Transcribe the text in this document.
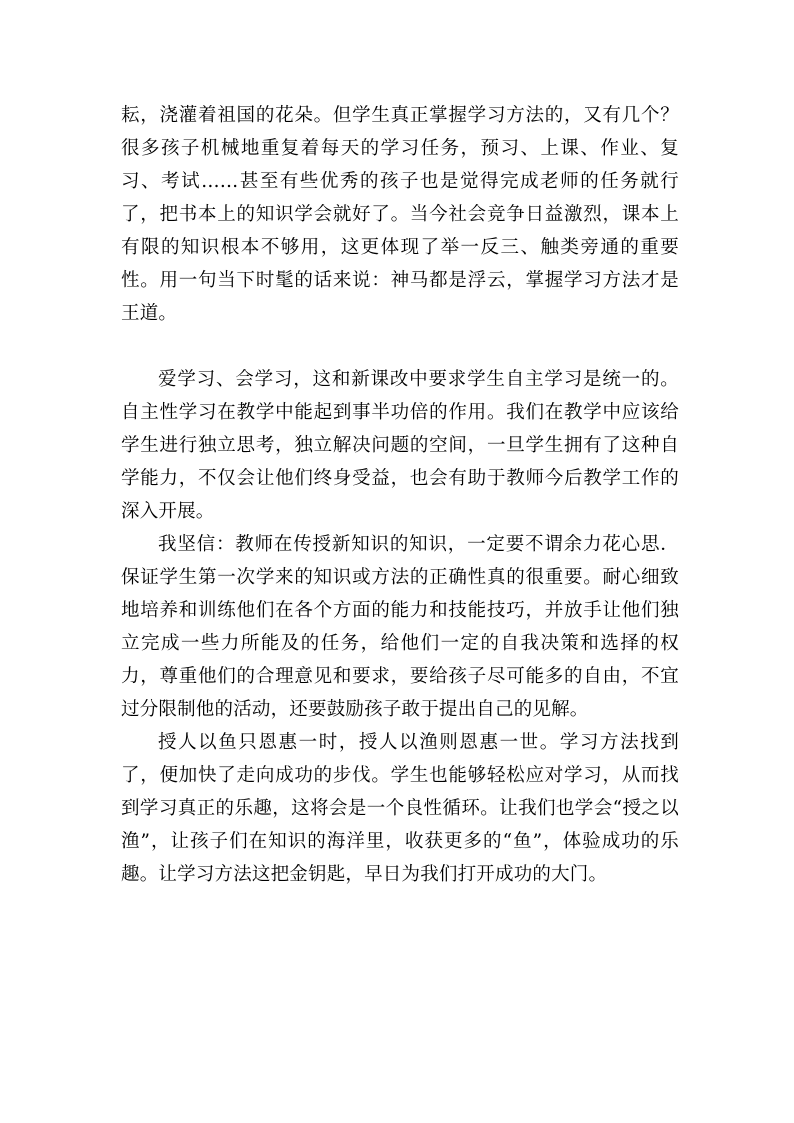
耘，浇灌着祖国的花朵。但学生真正掌握学习方法的，又有几个？很多孩子机械地重复着每天的学习任务，预习、上课、作业、复习、考试……甚至有些优秀的孩子也是觉得完成老师的任务就行了，把书本上的知识学会就好了。当今社会竞争日益激烈，课本上有限的知识根本不够用，这更体现了举一反三、触类旁通的重要性。用一句当下时髦的话来说：神马都是浮云，掌握学习方法才是王道。

爱学习、会学习，这和新课改中要求学生自主学习是统一的。自主性学习在教学中能起到事半功倍的作用。我们在教学中应该给学生进行独立思考，独立解决问题的空间，一旦学生拥有了这种自学能力，不仅会让他们终身受益，也会有助于教师今后教学工作的深入开展。

我坚信：教师在传授新知识的知识，一定要不谓余力花心思．保证学生第一次学来的知识或方法的正确性真的很重要。耐心细致地培养和训练他们在各个方面的能力和技能技巧，并放手让他们独立完成一些力所能及的任务，给他们一定的自我决策和选择的权力，尊重他们的合理意见和要求，要给孩子尽可能多的自由，不宜过分限制他的活动，还要鼓励孩子敢于提出自己的见解。

授人以鱼只恩惠一时，授人以渔则恩惠一世。学习方法找到了，便加快了走向成功的步伐。学生也能够轻松应对学习，从而找到学习真正的乐趣，这将会是一个良性循环。让我们也学会“授之以渔”，让孩子们在知识的海洋里，收获更多的“鱼”，体验成功的乐趣。让学习方法这把金钥匙，早日为我们打开成功的大门。
